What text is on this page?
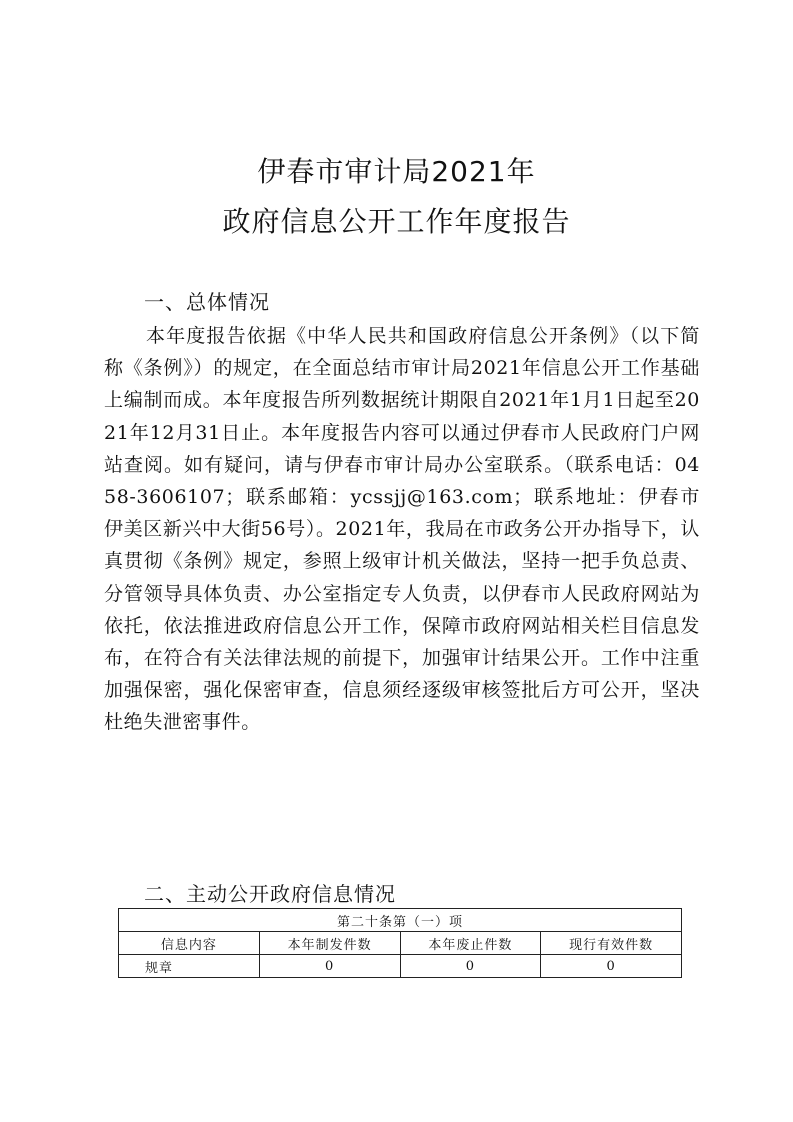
伊春市审计局2021年
政府信息公开工作年度报告
一、总体情况

本年度报告依据《中华人民共和国政府信息公开条例》（以下简称《条例》）的规定，在全面总结市审计局2021年信息公开工作基础上编制而成。本年度报告所列数据统计期限自2021年1月1日起至2021年12月31日止。本年度报告内容可以通过伊春市人民政府门户网站查阅。如有疑问，请与伊春市审计局办公室联系。（联系电话：0458-3606107；联系邮箱：ycssjj@163.com；联系地址：伊春市伊美区新兴中大街56号）。2021年，我局在市政务公开办指导下，认真贯彻《条例》规定，参照上级审计机关做法，坚持一把手负总责、分管领导具体负责、办公室指定专人负责，以伊春市人民政府网站为依托，依法推进政府信息公开工作，保障市政府网站相关栏目信息发布，在符合有关法律法规的前提下，加强审计结果公开。工作中注重加强保密，强化保密审查，信息须经逐级审核签批后方可公开，坚决杜绝失泄密事件。

二、主动公开政府信息情况
第二十条第（一）项			
信息内容	本年制发件数	本年废止件数	现行有效件数
规章	0	0	0
